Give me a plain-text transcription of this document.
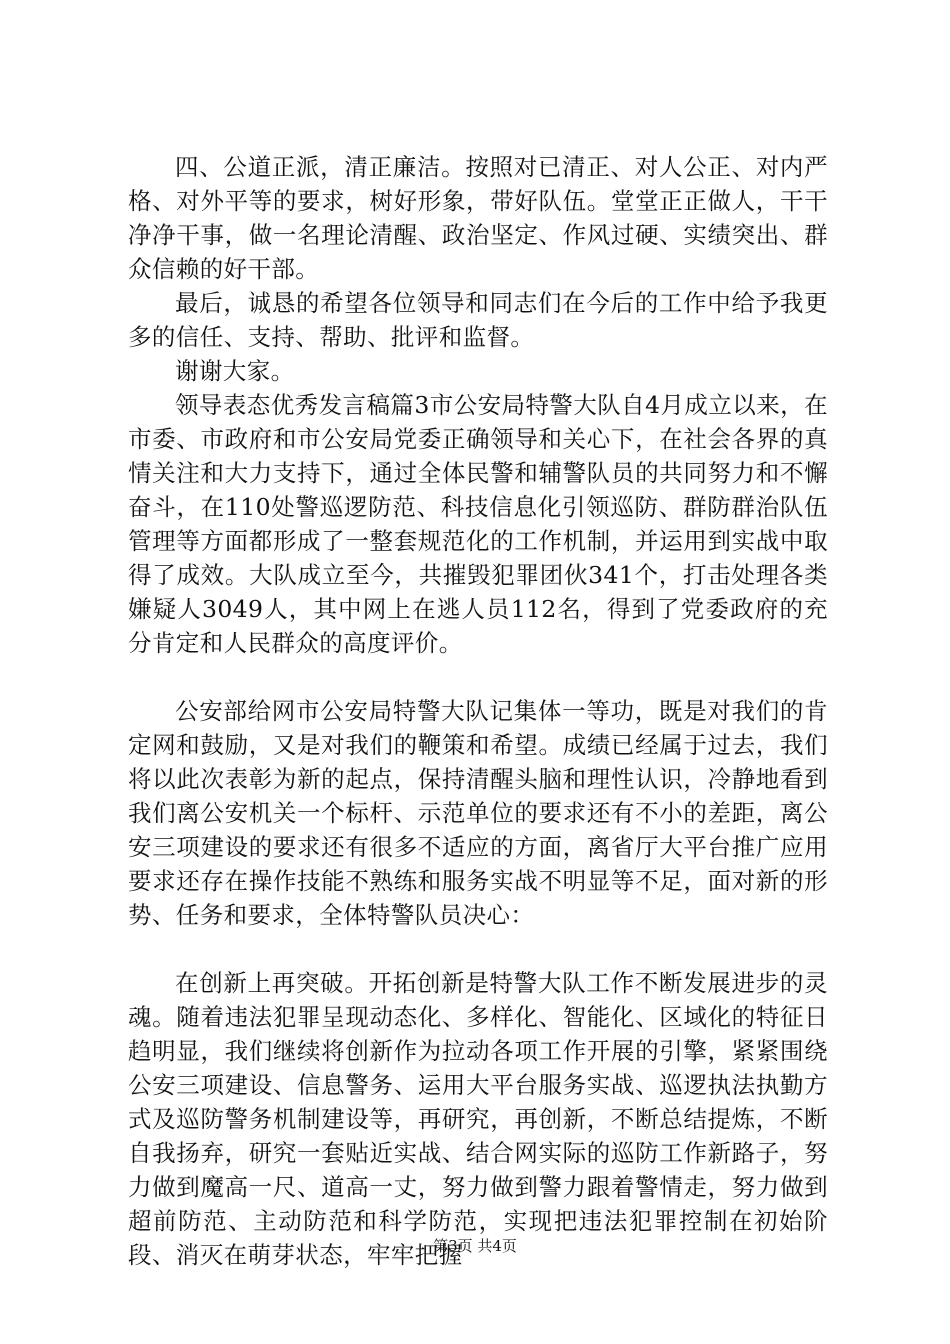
四、公道正派，清正廉洁。按照对已清正、对人公正、对内严格、对外平等的要求，树好形象，带好队伍。堂堂正正做人，干干净净干事，做一名理论清醒、政治坚定、作风过硬、实绩突出、群众信赖的好干部。

最后，诚恳的希望各位领导和同志们在今后的工作中给予我更多的信任、支持、帮助、批评和监督。

谢谢大家。

领导表态优秀发言稿篇3市公安局特警大队自4月成立以来，在市委、市政府和市公安局党委正确领导和关心下，在社会各界的真情关注和大力支持下，通过全体民警和辅警队员的共同努力和不懈奋斗，在110处警巡逻防范、科技信息化引领巡防、群防群治队伍管理等方面都形成了一整套规范化的工作机制，并运用到实战中取得了成效。大队成立至今，共摧毁犯罪团伙341个，打击处理各类嫌疑人3049人，其中网上在逃人员112名，得到了党委政府的充分肯定和人民群众的高度评价。

公安部给网市公安局特警大队记集体一等功，既是对我们的肯定网和鼓励，又是对我们的鞭策和希望。成绩已经属于过去，我们将以此次表彰为新的起点，保持清醒头脑和理性认识，冷静地看到我们离公安机关一个标杆、示范单位的要求还有不小的差距，离公安三项建设的要求还有很多不适应的方面，离省厅大平台推广应用要求还存在操作技能不熟练和服务实战不明显等不足，面对新的形势、任务和要求，全体特警队员决心：

在创新上再突破。开拓创新是特警大队工作不断发展进步的灵魂。随着违法犯罪呈现动态化、多样化、智能化、区域化的特征日趋明显，我们继续将创新作为拉动各项工作开展的引擎，紧紧围绕公安三项建设、信息警务、运用大平台服务实战、巡逻执法执勤方式及巡防警务机制建设等，再研究，再创新，不断总结提炼，不断自我扬弃，研究一套贴近实战、结合网实际的巡防工作新路子，努力做到魔高一尺、道高一丈，努力做到警力跟着警情走，努力做到超前防范、主动防范和科学防范，实现把违法犯罪控制在初始阶段、消灭在萌芽状态，牢牢把握

第3页 共4页
